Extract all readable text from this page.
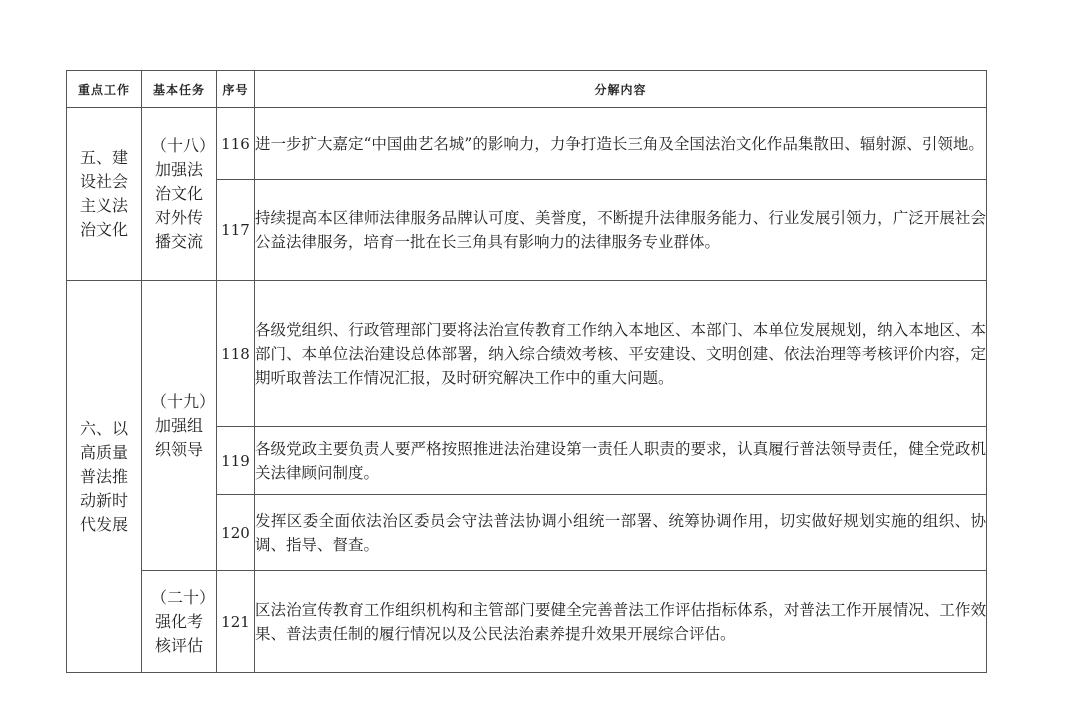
重点工作	基本任务	序号	分解内容
五、建设社会主义法治文化	（十八）加强法治文化对外传播交流	116	进一步扩大嘉定“中国曲艺名城”的影响力，力争打造长三角及全国法治文化作品集散田、辐射源、引领地。
		117	持续提高本区律师法律服务品牌认可度、美誉度，不断提升法律服务能力、行业发展引领力，广泛开展社会公益法律服务，培育一批在长三角具有影响力的法律服务专业群体。
六、以高质量普法推动新时代发展	（十九）加强组织领导	118	各级党组织、行政管理部门要将法治宣传教育工作纳入本地区、本部门、本单位发展规划，纳入本地区、本部门、本单位法治建设总体部署，纳入综合绩效考核、平安建设、文明创建、依法治理等考核评价内容，定期听取普法工作情况汇报，及时研究解决工作中的重大问题。
		119	各级党政主要负责人要严格按照推进法治建设第一责任人职责的要求，认真履行普法领导责任，健全党政机关法律顾问制度。
		120	发挥区委全面依法治区委员会守法普法协调小组统一部署、统筹协调作用，切实做好规划实施的组织、协调、指导、督查。
	（二十）强化考核评估	121	区法治宣传教育工作组织机构和主管部门要健全完善普法工作评估指标体系，对普法工作开展情况、工作效果、普法责任制的履行情况以及公民法治素养提升效果开展综合评估。
